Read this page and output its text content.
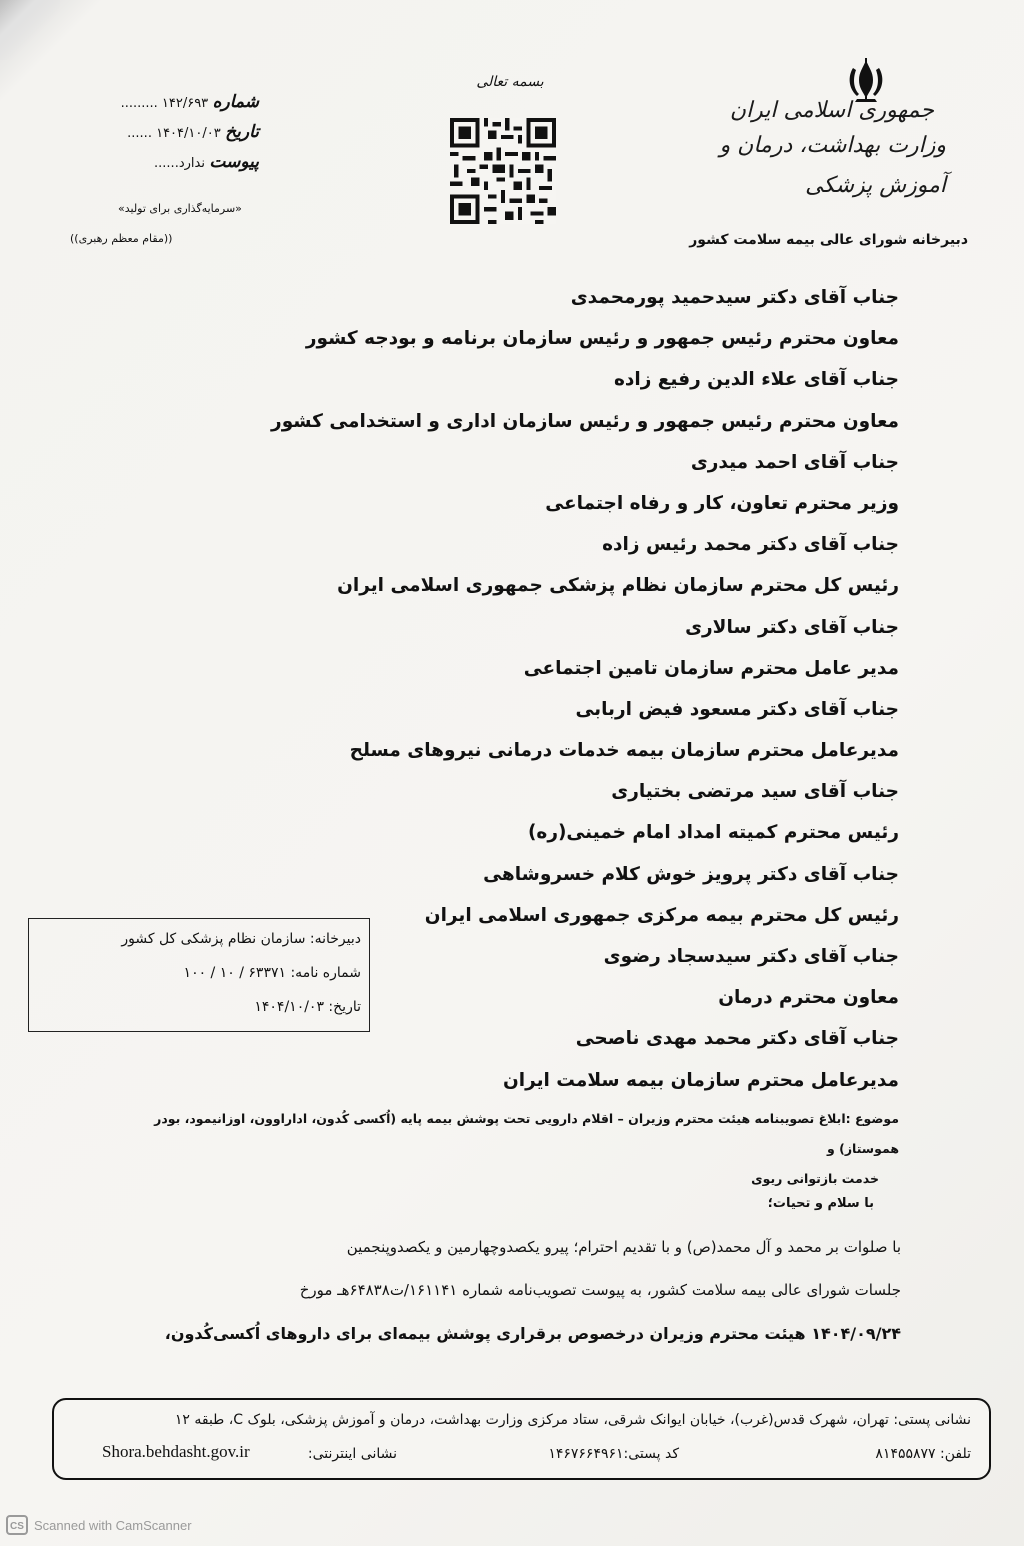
جمهوری اسلامی ایران
وزارت بهداشت، درمان و آموزش پزشکی
دبیرخانه شورای عالی بیمه سلامت کشور
بسمه تعالی
شماره ۱۴۲/۶۹۳ .........
تاریخ ۱۴۰۴/۱۰/۰۳ ......
پیوست ندارد......
«سرمایه‌گذاری برای تولید»
((مقام معظم رهبری))
جناب آقای دکتر سیدحمید پورمحمدی
معاون محترم رئیس جمهور و رئیس سازمان برنامه و بودجه کشور
جناب آقای علاء الدین رفیع زاده
معاون محترم رئیس جمهور و رئیس سازمان اداری و استخدامی کشور
جناب آقای احمد میدری
وزیر محترم تعاون، کار و رفاه اجتماعی
جناب آقای دکتر محمد رئیس زاده
رئیس کل محترم سازمان نظام پزشکی جمهوری اسلامی ایران
جناب آقای دکتر سالاری
مدیر عامل محترم سازمان تامین اجتماعی
جناب آقای دکتر مسعود فیض اربابی
مدیرعامل محترم سازمان بیمه خدمات درمانی نیروهای مسلح
جناب آقای سید مرتضی بختیاری
رئیس محترم کمیته امداد امام خمینی(ره)
جناب آقای دکتر پرویز خوش کلام خسروشاهی
رئیس کل محترم بیمه مرکزی جمهوری اسلامی ایران
جناب آقای دکتر سیدسجاد رضوی
معاون محترم درمان
جناب آقای دکتر محمد مهدی ناصحی
مدیرعامل محترم سازمان بیمه سلامت ایران
دبیرخانه: سازمان نظام پزشکی کل کشور
شماره نامه: ۶۳۳۷۱ / ۱۰ / ۱۰۰
تاریخ: ۱۴۰۴/۱۰/۰۳
موضوع :ابلاغ تصویبنامه هیئت محترم وزیران – اقلام دارویی تحت پوشش بیمه پایه (اُکسی کُدون، اداراوون، اوزانیمود، بودر هموستاز) و
خدمت بازتوانی ریوی
با سلام و تحیات؛
با صلوات بر محمد و آل محمد(ص) و با تقدیم احترام؛ پیرو یکصدوچهارمین و یکصدوپنجمین
جلسات شورای عالی بیمه سلامت کشور، به پیوست تصویب‌نامه شماره ۱۶۱۱۴۱/ت۶۴۸۳۸هـ مورخ
۱۴۰۴/۰۹/۲۴ هیئت محترم وزیران درخصوص برقراری پوشش بیمه‌ای برای داروهای اُکسی‌کُدون،
نشانی پستی: تهران، شهرک قدس(غرب)، خیابان ایوانک شرقی، ستاد مرکزی وزارت بهداشت، درمان و آموزش پزشکی، بلوک C، طبقه ۱۲
تلفن: ۸۱۴۵۵۸۷۷
کد پستی:۱۴۶۷۶۶۴۹۶۱
نشانی اینترنتی:
Shora.behdasht.gov.ir
CS Scanned with CamScanner
